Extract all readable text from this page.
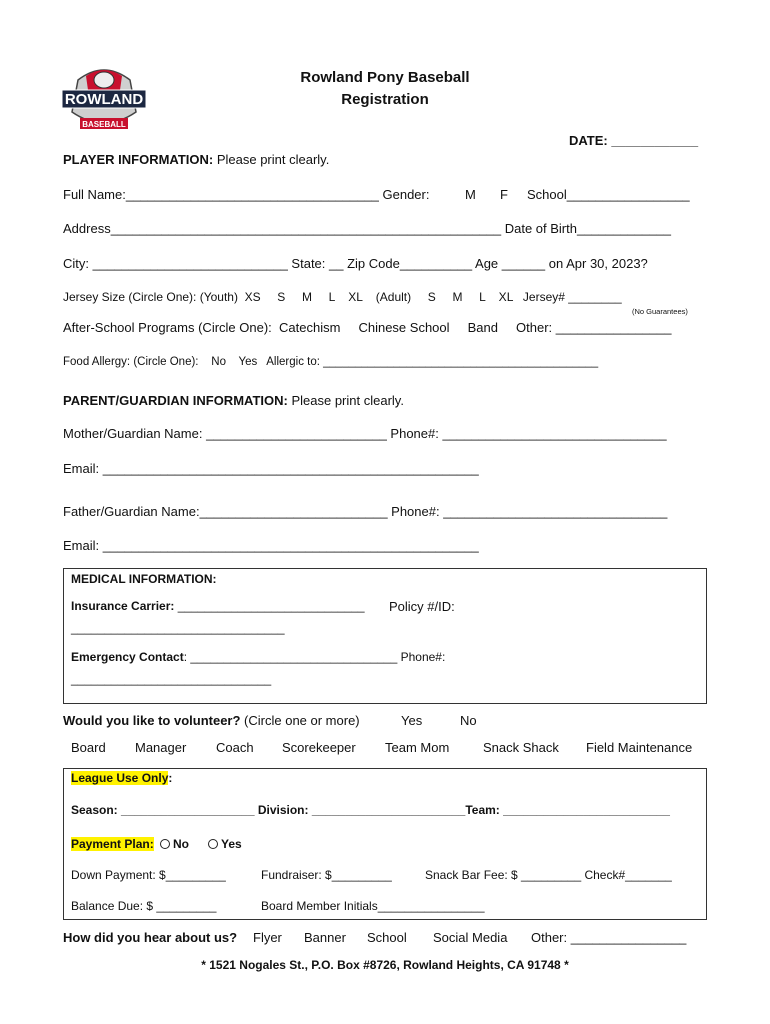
ROWLAND
BASEBALL
Rowland Pony Baseball
Registration
DATE: ____________
PLAYER INFORMATION: Please print clearly.
Full Name:___________________________________ Gender:	M F School_________________
Address______________________________________________________ Date of Birth_____________
City: ___________________________ State: __ Zip Code__________ Age ______ on Apr 30, 2023?
Jersey Size (Circle One): (Youth)  XS     S     M     L    XL    (Adult)     S     M     L    XL   Jersey# ________
(No Guarantees)
After-School Programs (Circle One):  Catechism     Chinese School     Band     Other: ________________
Food Allergy: (Circle One):    No    Yes   Allergic to: ___________________________________________
PARENT/GUARDIAN INFORMATION: Please print clearly.
Mother/Guardian Name: _________________________ Phone#: _______________________________
Email: ____________________________________________________
Father/Guardian Name:__________________________ Phone#: _______________________________
Email: ____________________________________________________
MEDICAL INFORMATION:
Insurance Carrier: ____________________________ Policy #/ID:
________________________________
Emergency Contact: _______________________________ Phone#:
______________________________
Would you like to volunteer? (Circle one or more)	Yes	No
Board Manager Coach Scorekeeper Team Mom	Snack Shack Field Maintenance
League Use Only:
Season: ____________________ Division: _______________________Team: _________________________
Payment Plan:	No	Yes
Down Payment: $_________	Fundraiser: $_________	Snack Bar Fee: $ _________ Check#_______
Balance Due: $ _________	Board Member Initials________________
How did you hear about us? Flyer Banner School Social Media Other: ________________
* 1521 Nogales St., P.O. Box #8726, Rowland Heights, CA 91748 *
